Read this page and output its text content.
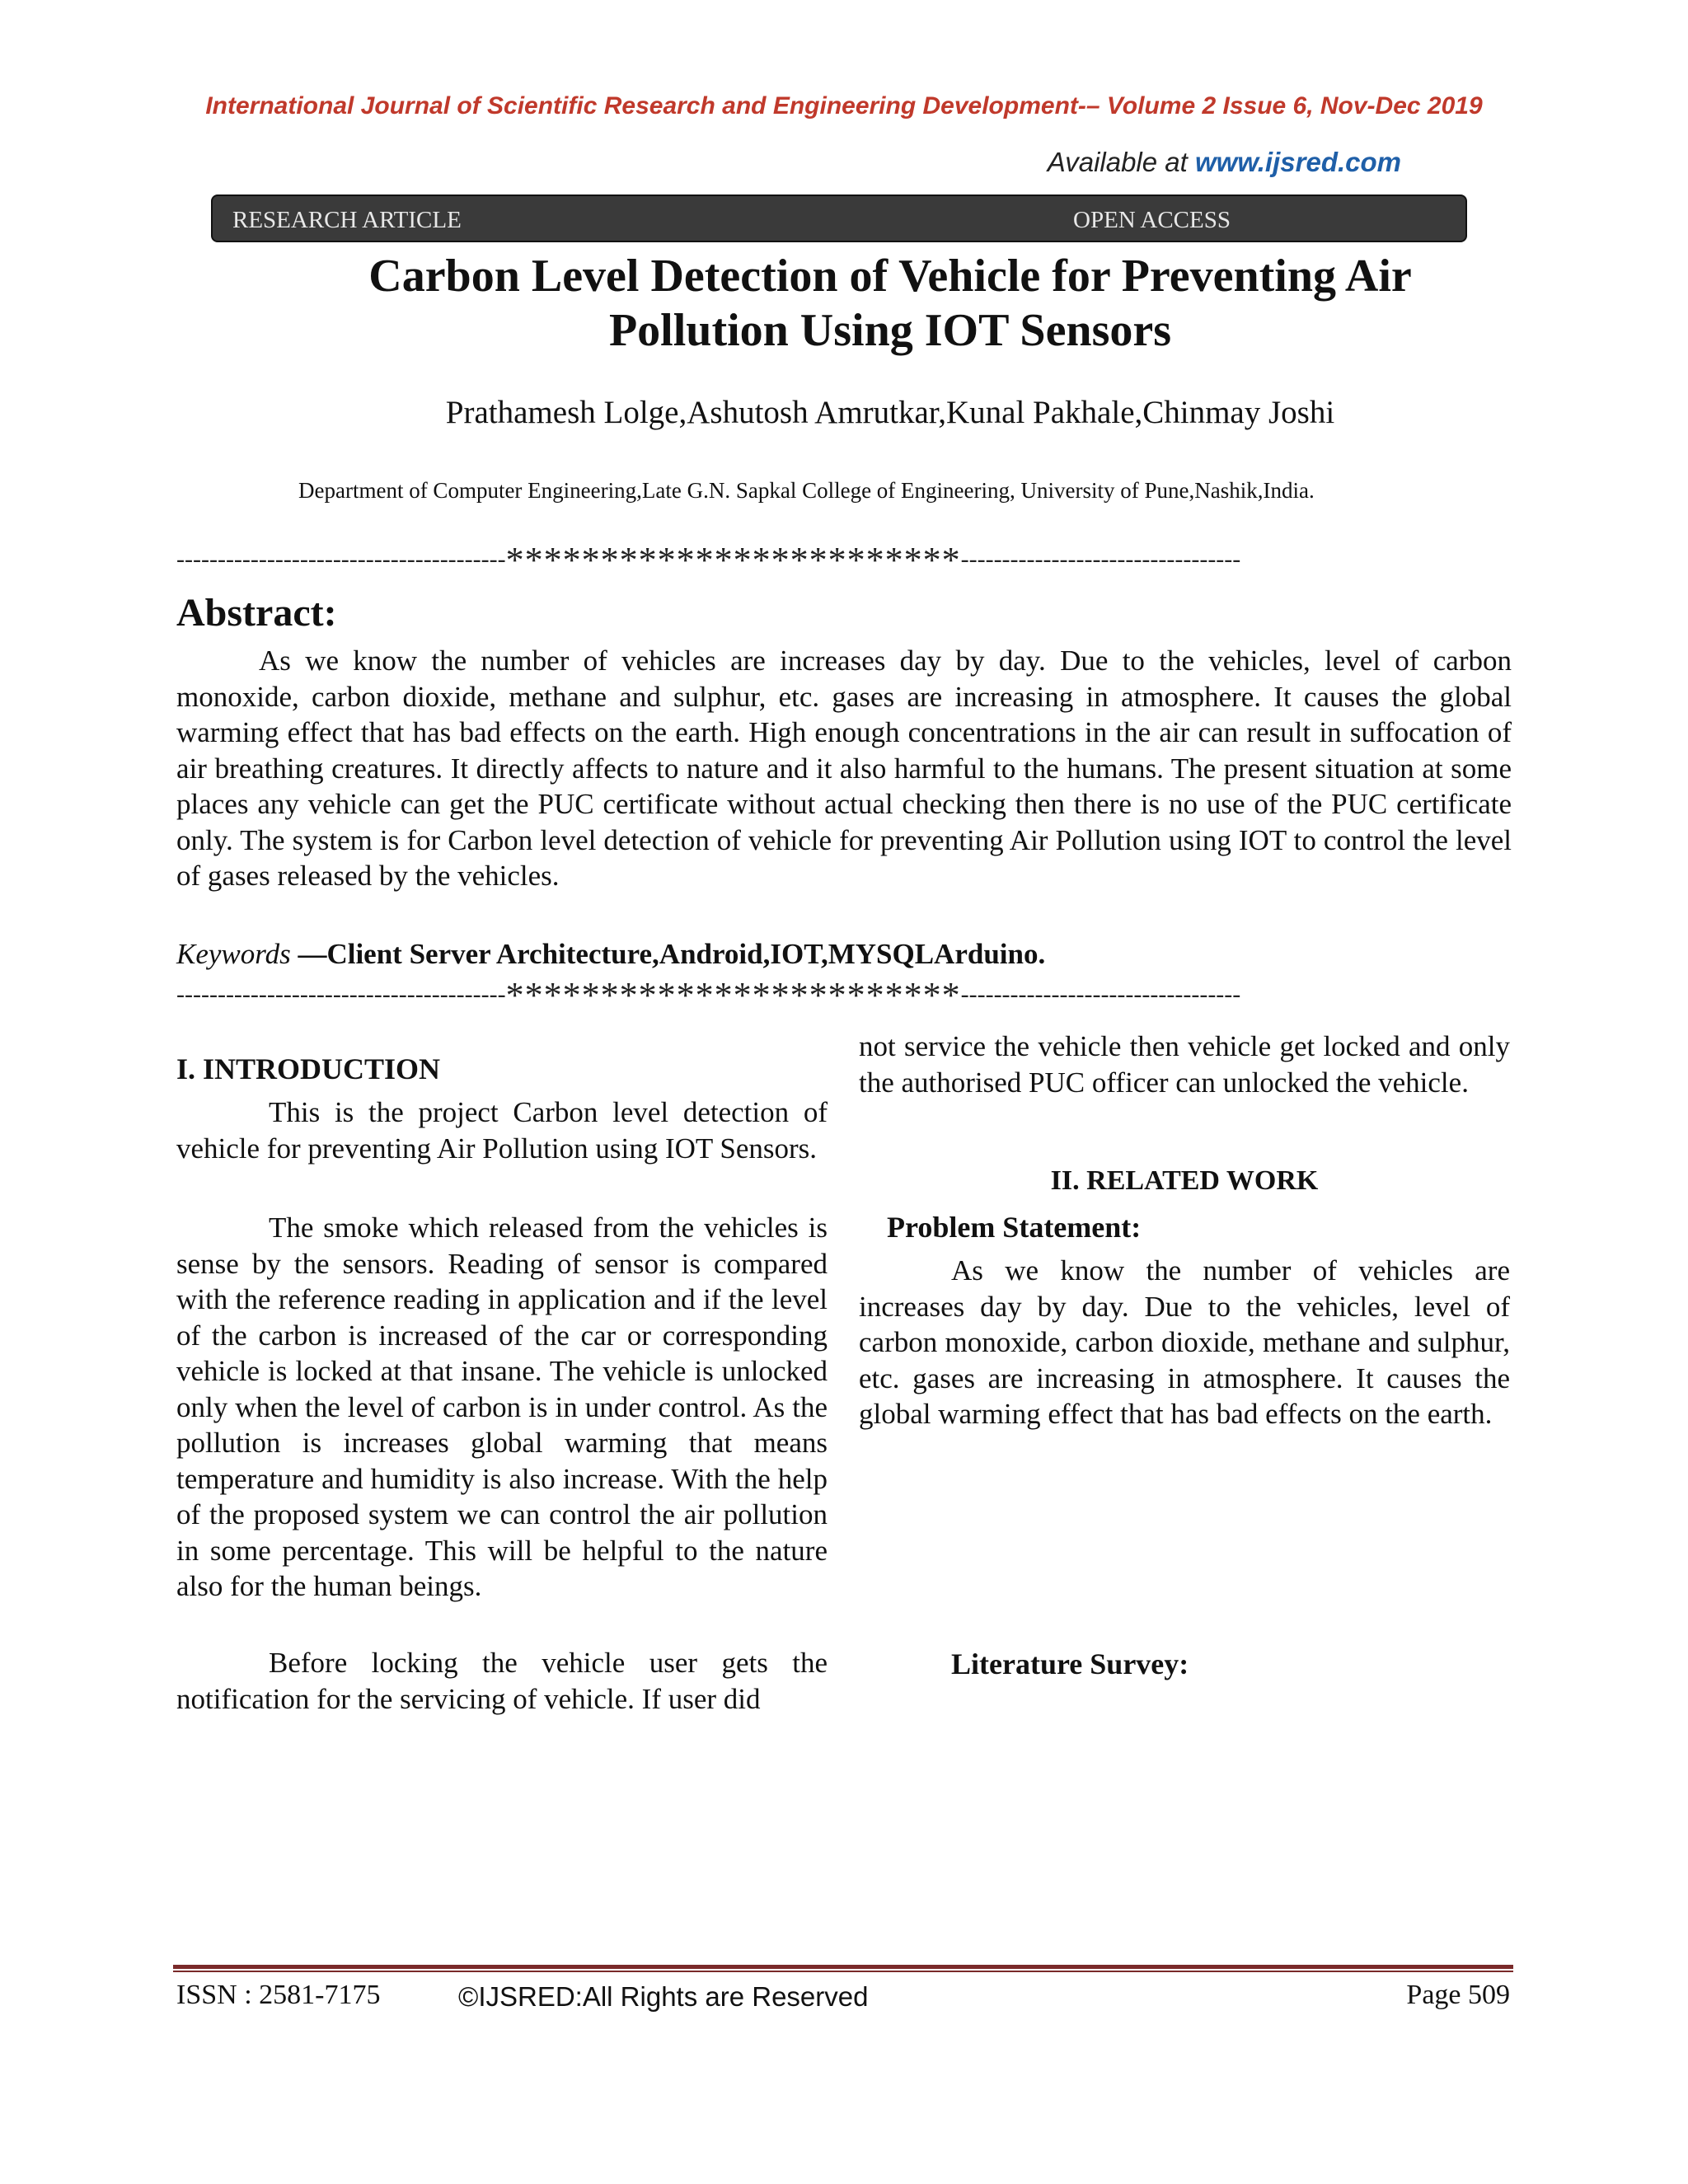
International Journal of Scientific Research and Engineering Development-– Volume 2 Issue 6, Nov-Dec 2019
Available at www.ijsred.com
RESEARCH ARTICLE	OPEN ACCESS
Carbon Level Detection of Vehicle for Preventing Air
Pollution Using IOT Sensors
Prathamesh Lolge,Ashutosh Amrutkar,Kunal Pakhale,Chinmay Joshi
Department of Computer Engineering,Late G.N. Sapkal College of Engineering, University of Pune,Nashik,India.
----------------------------------------************************----------------------------------
Abstract:

As we know the number of vehicles are increases day by day. Due to the vehicles, level of carbon monoxide, carbon dioxide, methane and sulphur, etc. gases are increasing in atmosphere. It causes the global warming effect that has bad effects on the earth. High enough concentrations in the air can result in suffocation of air breathing creatures. It directly affects to nature and it also harmful to the humans. The present situation at some places any vehicle can get the PUC certificate without actual checking then there is no use of the PUC certificate only. The system is for Carbon level detection of vehicle for preventing Air Pollution using IOT to control the level of gases released by the vehicles.

Keywords —Client Server Architecture,Android,IOT,MYSQLArduino.
----------------------------------------************************----------------------------------
I. INTRODUCTION

This is the project Carbon level detection of vehicle for preventing Air Pollution using IOT Sensors.

The smoke which released from the vehicles is sense by the sensors. Reading of sensor is compared with the reference reading in application and if the level of the carbon is increased of the car or corresponding vehicle is locked at that insane. The vehicle is unlocked only when the level of carbon is in under control. As the pollution is increases global warming that means temperature and humidity is also increase. With the help of the proposed system we can control the air pollution in some percentage. This will be helpful to the nature also for the human beings.

Before locking the vehicle user gets the notification for the servicing of vehicle. If user did

not service the vehicle then vehicle get locked and only the authorised PUC officer can unlocked the vehicle.

II. RELATED WORK
Problem Statement:

As we know the number of vehicles are increases day by day. Due to the vehicles, level of carbon monoxide, carbon dioxide, methane and sulphur, etc. gases are increasing in atmosphere. It causes the global warming effect that has bad effects on the earth.

Literature Survey:
ISSN : 2581-7175	©IJSRED:All Rights are Reserved	Page 509
